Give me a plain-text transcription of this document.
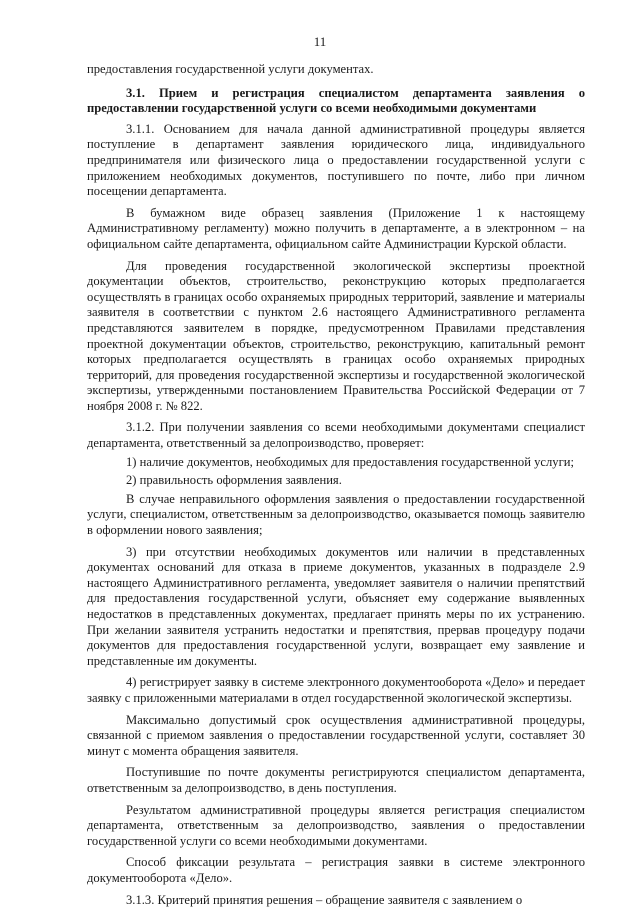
11

предоставления государственной услуги документах.

3.1. Прием и регистрация специалистом департамента заявления о предоставлении государственной услуги со всеми необходимыми документами

3.1.1. Основанием для начала данной административной процедуры является поступление в департамент заявления юридического лица, индивидуального предпринимателя или физического лица о предоставлении государственной услуги с приложением необходимых документов, поступившего по почте, либо при личном посещении департамента.

В бумажном виде образец заявления (Приложение 1 к настоящему Административному регламенту) можно получить в департаменте, а в электронном – на официальном сайте департамента, официальном сайте Администрации Курской области.

Для проведения государственной экологической экспертизы проектной документации объектов, строительство, реконструкцию которых предполагается осуществлять в границах особо охраняемых природных территорий, заявление и материалы заявителя в соответствии с пунктом 2.6 настоящего Административного регламента представляются заявителем в порядке, предусмотренном Правилами представления проектной документации объектов, строительство, реконструкцию, капитальный ремонт которых предполагается осуществлять в границах особо охраняемых природных территорий, для проведения государственной экспертизы и государственной экологической экспертизы, утвержденными постановлением Правительства Российской Федерации от 7 ноября 2008 г. № 822.

3.1.2. При получении заявления со всеми необходимыми документами специалист департамента, ответственный за делопроизводство, проверяет:

1) наличие документов, необходимых для предоставления государственной услуги;

2) правильность оформления заявления.

В случае неправильного оформления заявления о предоставлении государственной услуги, специалистом, ответственным за делопроизводство, оказывается помощь заявителю в оформлении нового заявления;

3) при отсутствии необходимых документов или наличии в представленных документах оснований для отказа в приеме документов, указанных в подразделе 2.9 настоящего Административного регламента, уведомляет заявителя о наличии препятствий для предоставления государственной услуги, объясняет ему содержание выявленных недостатков в представленных документах, предлагает принять меры по их устранению. При желании заявителя устранить недостатки и препятствия, прервав процедуру подачи документов для предоставления государственной услуги, возвращает ему заявление и представленные им документы.

4) регистрирует заявку в системе электронного документооборота «Дело» и передает заявку с приложенными материалами в отдел государственной экологической экспертизы.

Максимально допустимый срок осуществления административной процедуры, связанной с приемом заявления о предоставлении государственной услуги, составляет 30 минут с момента обращения заявителя.

Поступившие по почте документы регистрируются специалистом департамента, ответственным за делопроизводство, в день поступления.

Результатом административной процедуры является регистрация специалистом департамента, ответственным за делопроизводство, заявления о предоставлении государственной услуги со всеми необходимыми документами.

Способ фиксации результата – регистрация заявки в системе электронного документооборота «Дело».

3.1.3. Критерий принятия решения – обращение заявителя с заявлением о
